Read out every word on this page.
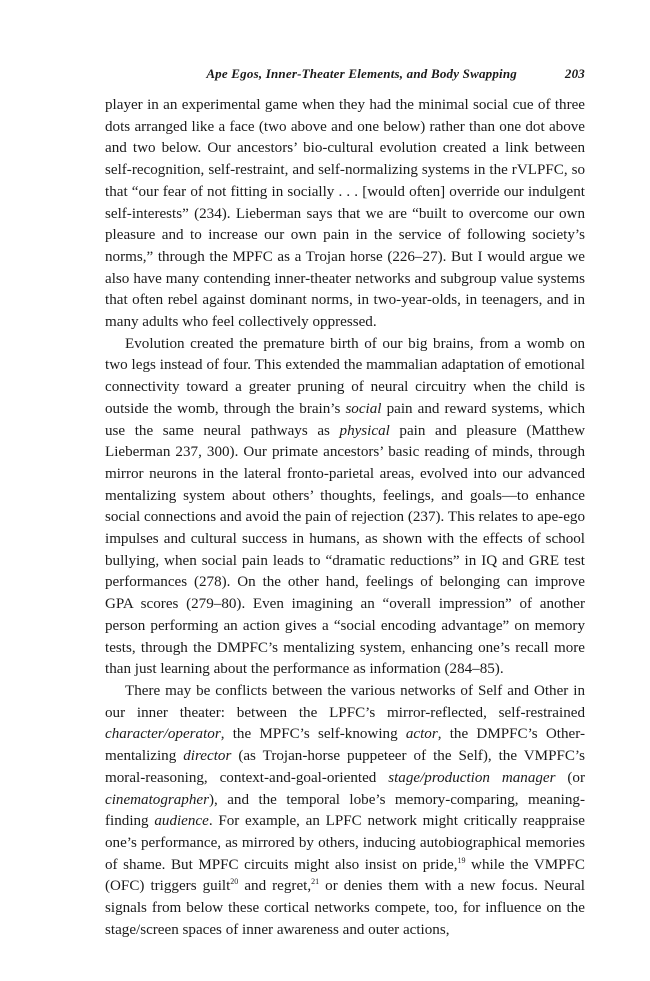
Ape Egos, Inner-Theater Elements, and Body Swapping	203

player in an experimental game when they had the minimal social cue of three dots arranged like a face (two above and one below) rather than one dot above and two below. Our ancestors’ bio-cultural evolution created a link between self-recognition, self-restraint, and self-normalizing systems in the rVLPFC, so that “our fear of not fitting in socially . . . [would often] override our indulgent self-interests” (234). Lieberman says that we are “built to overcome our own pleasure and to increase our own pain in the service of following society’s norms,” through the MPFC as a Trojan horse (226–27). But I would argue we also have many contending inner-theater networks and subgroup value systems that often rebel against dominant norms, in two-year-olds, in teenagers, and in many adults who feel collectively oppressed.

Evolution created the premature birth of our big brains, from a womb on two legs instead of four. This extended the mammalian adaptation of emotional connectivity toward a greater pruning of neural circuitry when the child is outside the womb, through the brain’s social pain and reward systems, which use the same neural pathways as physical pain and pleasure (Matthew Lieberman 237, 300). Our primate ancestors’ basic reading of minds, through mirror neurons in the lateral fronto-parietal areas, evolved into our advanced mentalizing system about others’ thoughts, feelings, and goals—to enhance social connections and avoid the pain of rejection (237). This relates to ape-ego impulses and cultural success in humans, as shown with the effects of school bullying, when social pain leads to “dramatic reductions” in IQ and GRE test performances (278). On the other hand, feelings of belonging can improve GPA scores (279–80). Even imagining an “overall impression” of another person performing an action gives a “social encoding advantage” on memory tests, through the DMPFC’s mentalizing system, enhancing one’s recall more than just learning about the performance as information (284–85).

There may be conflicts between the various networks of Self and Other in our inner theater: between the LPFC’s mirror-reflected, self-restrained character/operator, the MPFC’s self-knowing actor, the DMPFC’s Other-mentalizing director (as Trojan-horse puppeteer of the Self), the VMPFC’s moral-reasoning, context-and-goal-oriented stage/production manager (or cinematographer), and the temporal lobe’s memory-comparing, meaning-finding audience. For example, an LPFC network might critically reappraise one’s performance, as mirrored by others, inducing autobiographical memories of shame. But MPFC circuits might also insist on pride,$^{19}$ while the VMPFC (OFC) triggers guilt$^{20}$ and regret,$^{21}$ or denies them with a new focus. Neural signals from below these cortical networks compete, too, for influence on the stage/screen spaces of inner awareness and outer actions,
